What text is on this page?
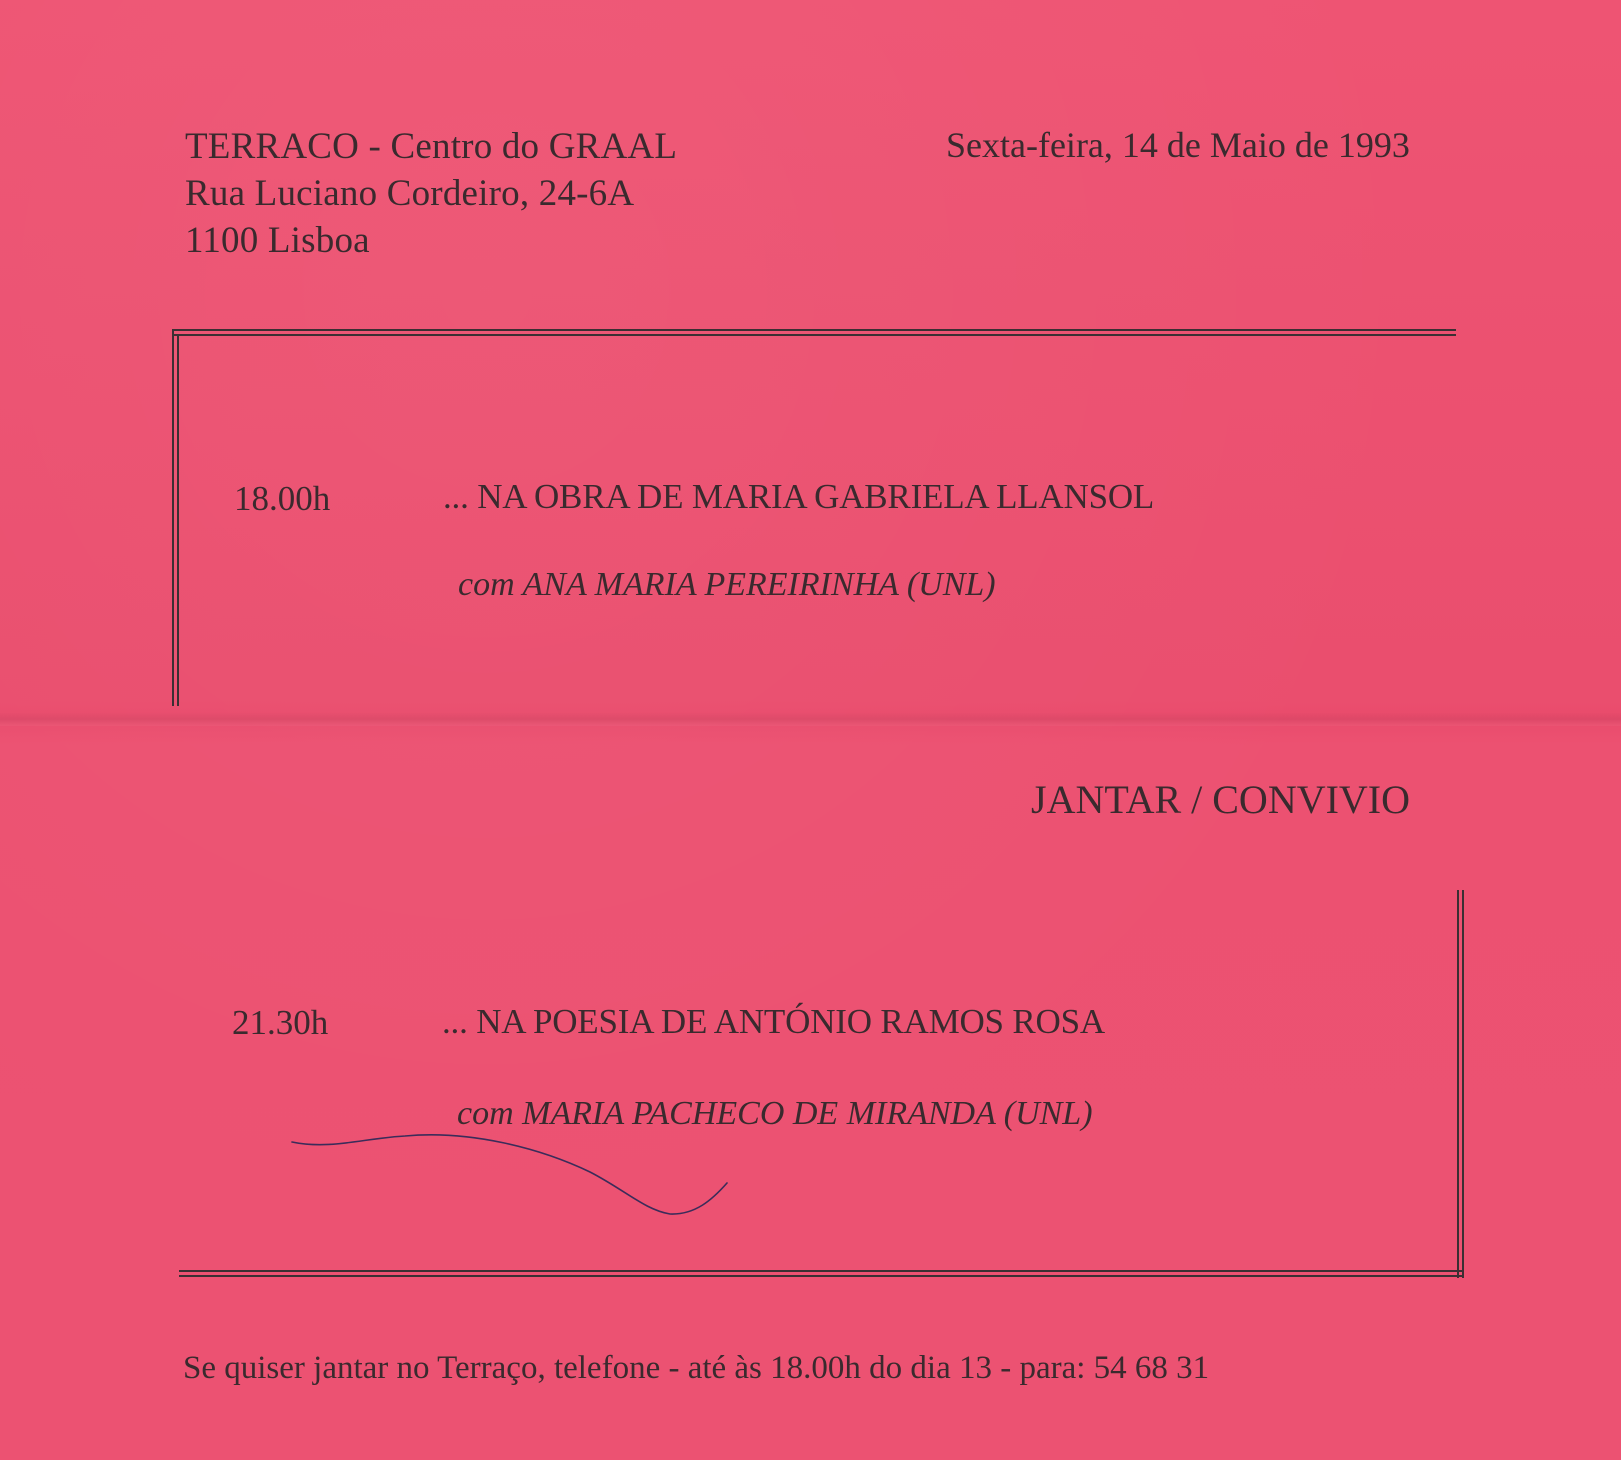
TERRACO - Centro do GRAAL
Rua Luciano Cordeiro, 24-6A
1100 Lisboa
Sexta-feira, 14 de Maio de 1993
18.00h	... NA OBRA DE MARIA GABRIELA LLANSOL
com ANA MARIA PEREIRINHA (UNL)
JANTAR / CONVIVIO
21.30h	... NA POESIA DE ANTÓNIO RAMOS ROSA
com MARIA PACHECO DE MIRANDA (UNL)
Se quiser jantar no Terraço, telefone - até às 18.00h do dia 13 - para: 54 68 31
